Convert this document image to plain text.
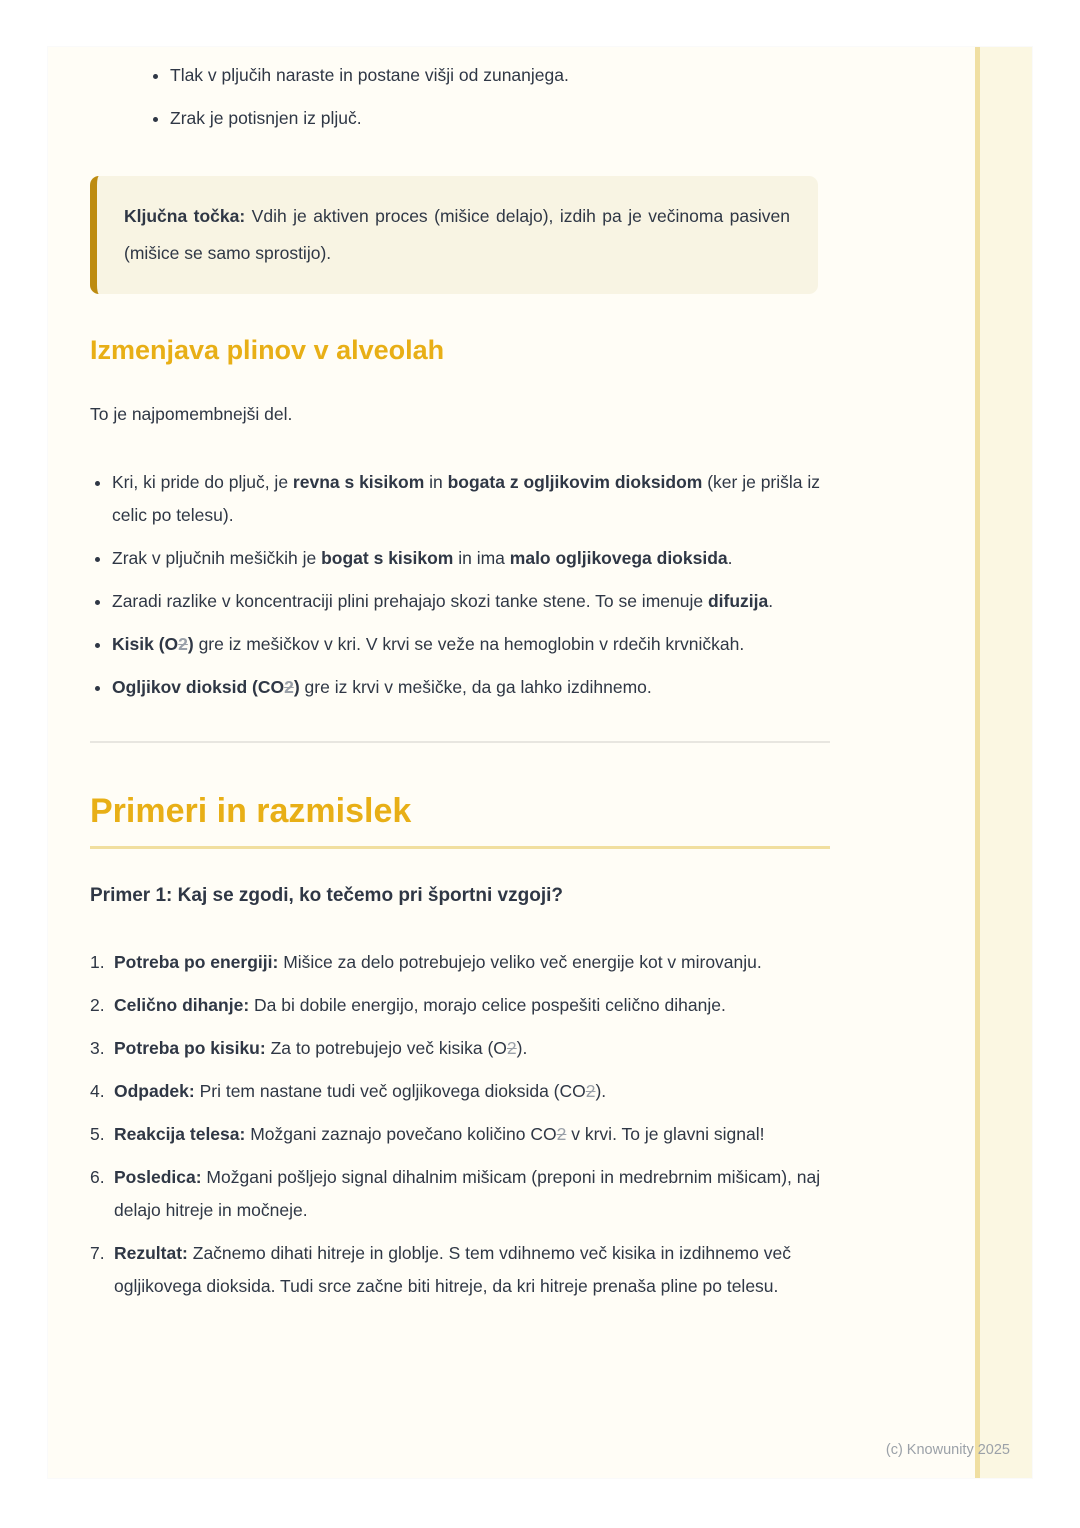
• Tlak v pljučih naraste in postane višji od zunanjega.
• Zrak je potisnjen iz pljuč.

Ključna točka: Vdih je aktiven proces (mišice delajo), izdih pa je večinoma pasiven (mišice se samo sprostijo).

Izmenjava plinov v alveolah

To je najpomembnejši del.

• Kri, ki pride do pljuč, je revna s kisikom in bogata z ogljikovim dioksidom (ker je prišla iz celic po telesu).
• Zrak v pljučnih mešičkih je bogat s kisikom in ima malo ogljikovega dioksida.
• Zaradi razlike v koncentraciji plini prehajajo skozi tanke stene. To se imenuje difuzija.
• Kisik (O2) gre iz mešičkov v kri. V krvi se veže na hemoglobin v rdečih krvničkah.
• Ogljikov dioksid (CO2) gre iz krvi v mešičke, da ga lahko izdihnemo.
Primeri in razmislek

Primer 1: Kaj se zgodi, ko tečemo pri športni vzgoji?

1. Potreba po energiji: Mišice za delo potrebujejo veliko več energije kot v mirovanju.
2. Celično dihanje: Da bi dobile energijo, morajo celice pospešiti celično dihanje.
3. Potreba po kisiku: Za to potrebujejo več kisika (O2).
4. Odpadek: Pri tem nastane tudi več ogljikovega dioksida (CO2).
5. Reakcija telesa: Možgani zaznajo povečano količino CO2 v krvi. To je glavni signal!
6. Posledica: Možgani pošljejo signal dihalnim mišicam (preponi in medrebrnim mišicam), naj delajo hitreje in močneje.
7. Rezultat: Začnemo dihati hitreje in globlje. S tem vdihnemo več kisika in izdihnemo več ogljikovega dioksida. Tudi srce začne biti hitreje, da kri hitreje prenaša pline po telesu.
(c) Knowunity 2025
